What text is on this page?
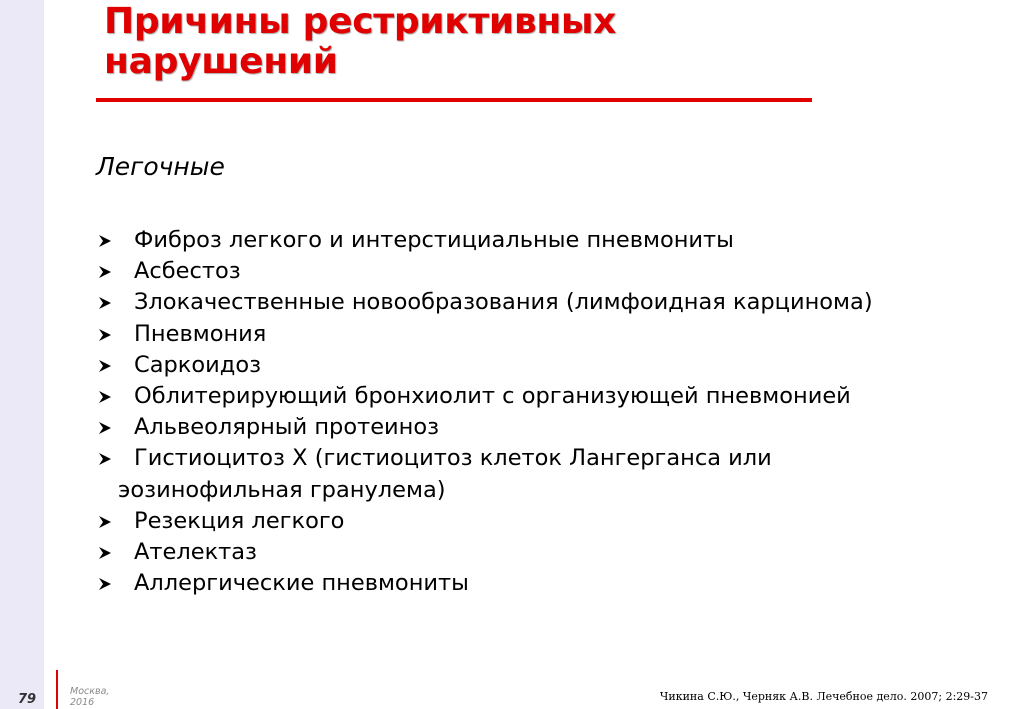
Причины рестриктивных
нарушений
Легочные
Фиброз легкого и интерстициальные пневмониты
Асбестоз
Злокачественные новообразования (лимфоидная карцинома)
Пневмония
Саркоидоз
Облитерирующий бронхиолит с организующей пневмонией
Альвеолярный протеиноз
Гистиоцитоз Х (гистиоцитоз клеток Лангерганса или
эозинофильная гранулема)
Резекция легкого
Ателектаз
Аллергические пневмониты
79
Москва,
2016	Чикина С.Ю., Черняк А.В. Лечебное дело. 2007; 2:29-37
